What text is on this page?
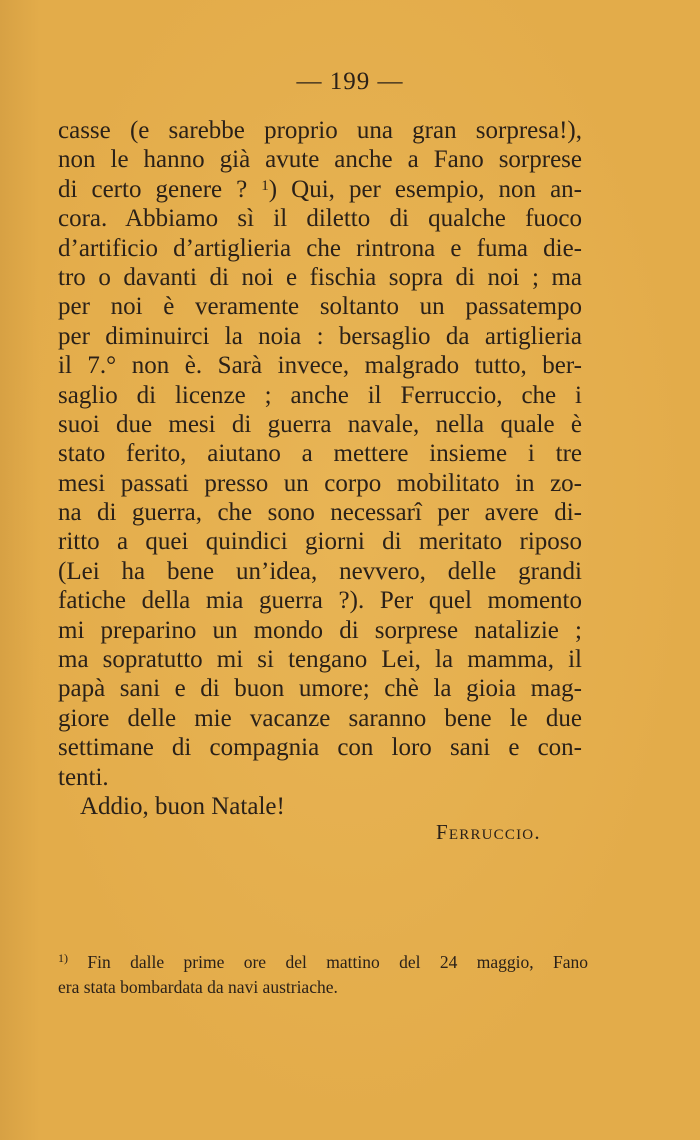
— 199 —
casse (e sarebbe proprio una gran sorpresa!),
non le hanno già avute anche a Fano sorprese
di certo genere ? $^1$) Qui, per esempio, non an-
cora. Abbiamo sì il diletto di qualche fuoco
d’artificio d’artiglieria che rintrona e fuma die-
tro o davanti di noi e fischia sopra di noi ; ma
per noi è veramente soltanto un passatempo
per diminuirci la noia : bersaglio da artiglieria
il 7.° non è. Sarà invece, malgrado tutto, ber-
saglio di licenze ; anche il Ferruccio, che i
suoi due mesi di guerra navale, nella quale è
stato ferito, aiutano a mettere insieme i tre
mesi passati presso un corpo mobilitato in zo-
na di guerra, che sono necessarî per avere di-
ritto a quei quindici giorni di meritato riposo
(Lei ha bene un’idea, nevvero, delle grandi
fatiche della mia guerra ?). Per quel momento
mi preparino un mondo di sorprese natalizie ;
ma sopratutto mi si tengano Lei, la mamma, il
papà sani e di buon umore; chè la gioia mag-
giore delle mie vacanze saranno bene le due
settimane di compagnia con loro sani e con-
tenti.
Addio, buon Natale!
Ferruccio.
$^{1)}$ Fin dalle prime ore del mattino del 24 maggio, Fano
era stata bombardata da navi austriache.
